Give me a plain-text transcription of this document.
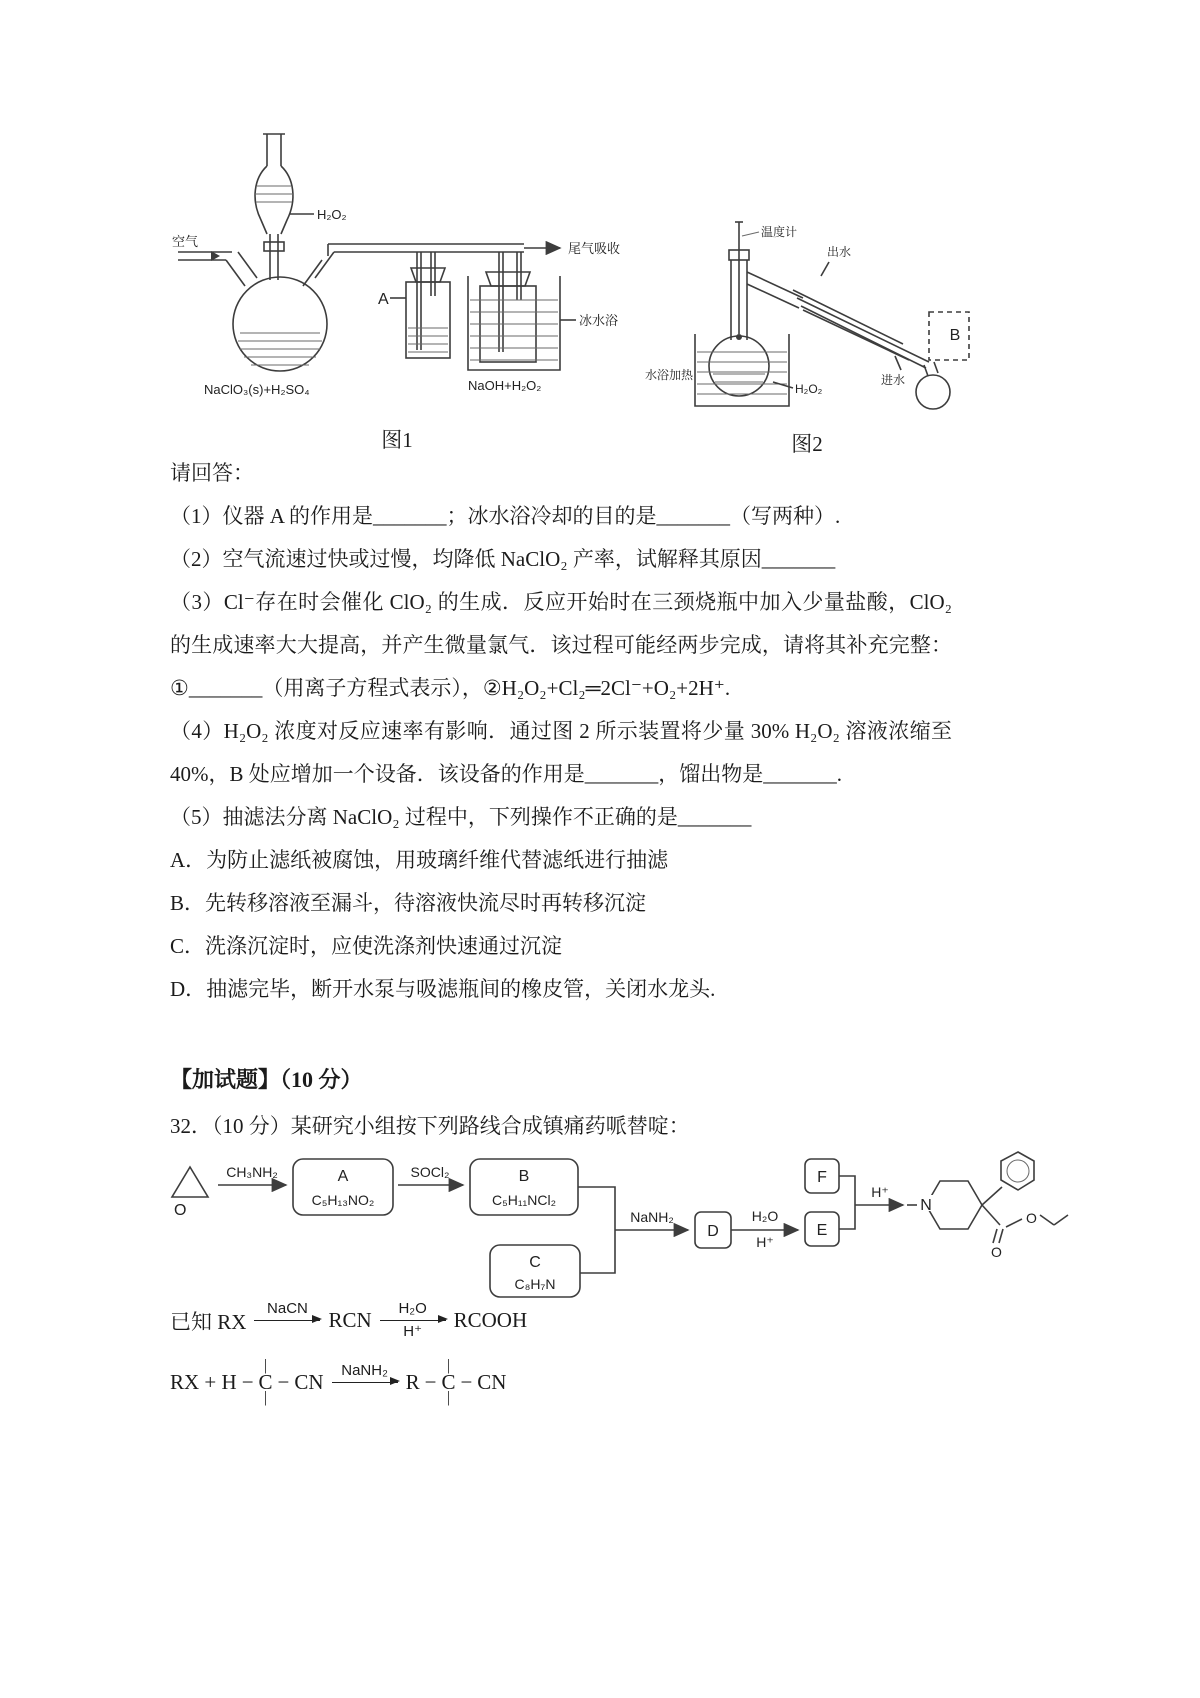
H₂O₂
NaClO₃(s)+H₂SO₄
空气	尾气吸收
A
冰水浴
NaOH+H₂O₂
图1
温度计
出水
进水
B
水浴加热
H₂O₂
图2

请回答：

（1）仪器 A 的作用是_______；冰水浴冷却的目的是_______（写两种）.

（2）空气流速过快或过慢，均降低 NaClO₂ 产率，试解释其原因_______

（3）Cl⁻存在时会催化 ClO₂ 的生成．反应开始时在三颈烧瓶中加入少量盐酸，ClO₂ 的生成速率大大提高，并产生微量氯气．该过程可能经两步完成，请将其补充完整：①_______（用离子方程式表示），②H₂O₂+Cl₂═2Cl⁻+O₂+2H⁺.

（4）H₂O₂ 浓度对反应速率有影响．通过图 2 所示装置将少量 30% H₂O₂ 溶液浓缩至 40%，B 处应增加一个设备．该设备的作用是_______，馏出物是_______.

（5）抽滤法分离 NaClO₂ 过程中，下列操作不正确的是_______

A．为防止滤纸被腐蚀，用玻璃纤维代替滤纸进行抽滤

B．先转移溶液至漏斗，待溶液快流尽时再转移沉淀

C．洗涤沉淀时，应使洗涤剂快速通过沉淀

D．抽滤完毕，断开水泵与吸滤瓶间的橡皮管，关闭水龙头.

【加试题】（10 分）
32．（10 分）某研究小组按下列路线合成镇痛药哌替啶：
O
CH₃NH₂	A
C₅H₁₃NO₂
SOCl₂	B
C₅H₁₁NCl₂
C
C₈H₇N
NaNH₂
D
H₂O
H⁺
F
E
H⁺
N
O
O
已知 RX
NaCN RCN H₂O
H⁺ RCOOH
RX + H −
|
C
|
− CN NaNH₂ R −
|
C
|
− CN
